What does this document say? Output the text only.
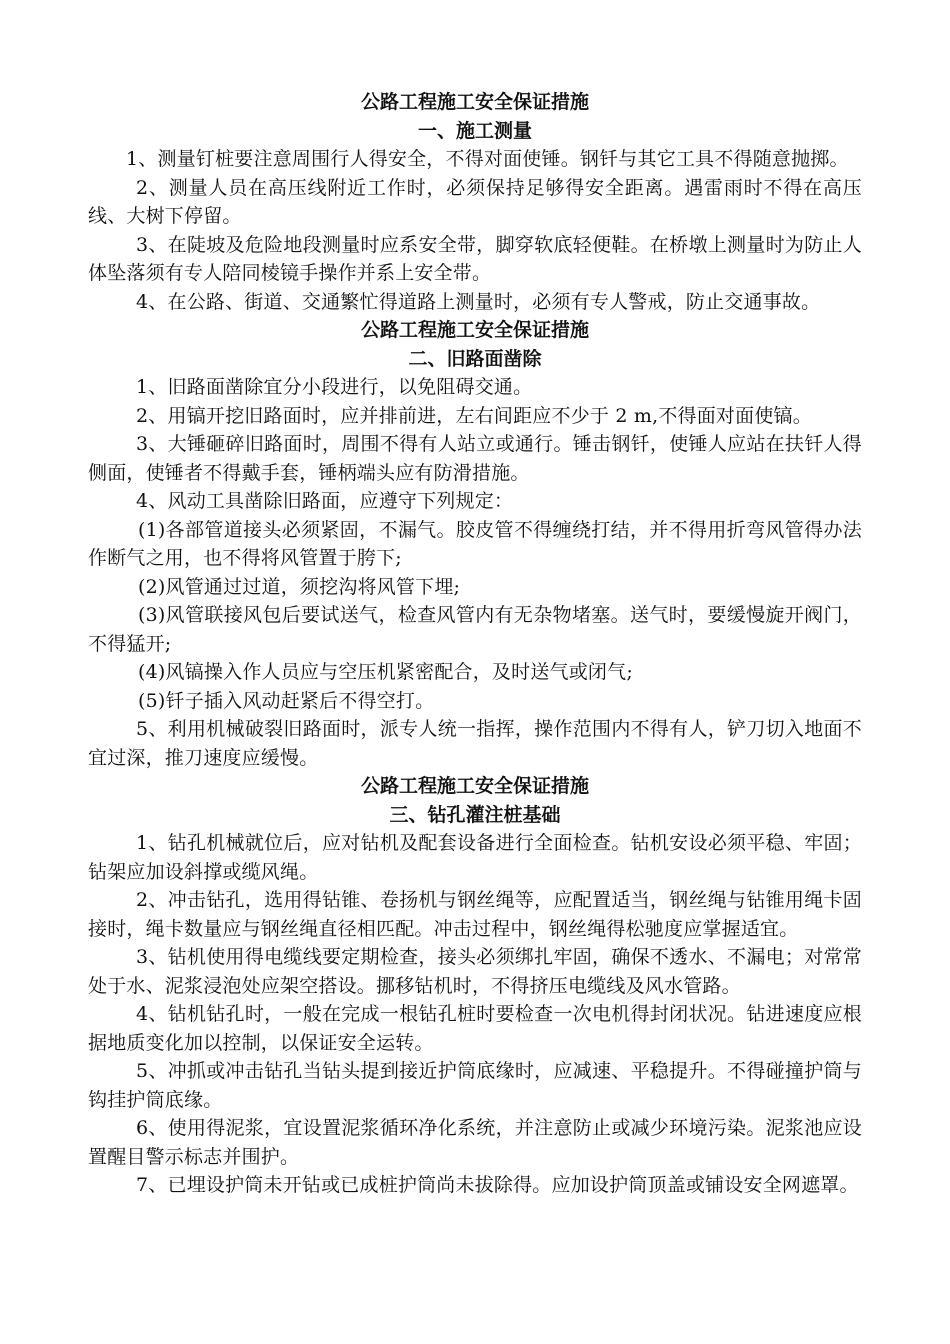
公路工程施工安全保证措施
一、施工测量

1、测量钉桩要注意周围行人得安全，不得对面使锤。钢钎与其它工具不得随意抛掷。

2、测量人员在高压线附近工作时，必须保持足够得安全距离。遇雷雨时不得在高压线、大树下停留。

3、在陡坡及危险地段测量时应系安全带，脚穿软底轻便鞋。在桥墩上测量时为防止人体坠落须有专人陪同棱镜手操作并系上安全带。

4、在公路、街道、交通繁忙得道路上测量时，必须有专人警戒，防止交通事故。

公路工程施工安全保证措施
二、旧路面凿除

1、旧路面凿除宜分小段进行，以免阻碍交通。

2、用镐开挖旧路面时，应并排前进，左右间距应不少于 2 m,不得面对面使镐。

3、大锤砸碎旧路面时，周围不得有人站立或通行。锤击钢钎，使锤人应站在扶钎人得侧面，使锤者不得戴手套，锤柄端头应有防滑措施。

4、风动工具凿除旧路面，应遵守下列规定：

(1)各部管道接头必须紧固，不漏气。胶皮管不得缠绕打结，并不得用折弯风管得办法作断气之用，也不得将风管置于胯下;

(2)风管通过过道，须挖沟将风管下埋;

(3)风管联接风包后要试送气，检查风管内有无杂物堵塞。送气时，要缓慢旋开阀门，不得猛开;

(4)风镐操入作人员应与空压机紧密配合，及时送气或闭气;

(5)钎子插入风动赶紧后不得空打。

5、利用机械破裂旧路面时，派专人统一指挥，操作范围内不得有人，铲刀切入地面不宜过深，推刀速度应缓慢。

公路工程施工安全保证措施
三、钻孔灌注桩基础

1、钻孔机械就位后，应对钻机及配套设备进行全面检查。钻机安设必须平稳、牢固；钻架应加设斜撑或缆风绳。

2、冲击钻孔，选用得钻锥、卷扬机与钢丝绳等，应配置适当，钢丝绳与钻锥用绳卡固接时，绳卡数量应与钢丝绳直径相匹配。冲击过程中，钢丝绳得松驰度应掌握适宜。

3、钻机使用得电缆线要定期检查，接头必须绑扎牢固，确保不透水、不漏电；对常常处于水、泥浆浸泡处应架空搭设。挪移钻机时，不得挤压电缆线及风水管路。

4、钻机钻孔时，一般在完成一根钻孔桩时要检查一次电机得封闭状况。钻进速度应根据地质变化加以控制，以保证安全运转。

5、冲抓或冲击钻孔当钻头提到接近护筒底缘时，应减速、平稳提升。不得碰撞护筒与钩挂护筒底缘。

6、使用得泥浆，宜设置泥浆循环净化系统，并注意防止或减少环境污染。泥浆池应设置醒目警示标志并围护。

7、已埋设护筒未开钻或已成桩护筒尚未拔除得。应加设护筒顶盖或铺设安全网遮罩。
